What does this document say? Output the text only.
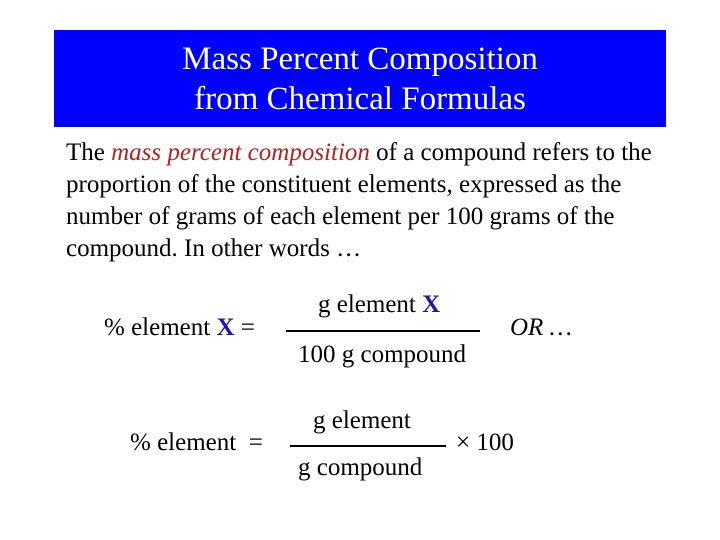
Mass Percent Composition
from Chemical Formulas
The mass percent composition of a compound refers to the proportion of the constituent elements, expressed as the number of grams of each element per 100 grams of the compound. In other words …
% element X =
g element X
100 g compound
OR …
% element  =
g element
g compound
× 100
